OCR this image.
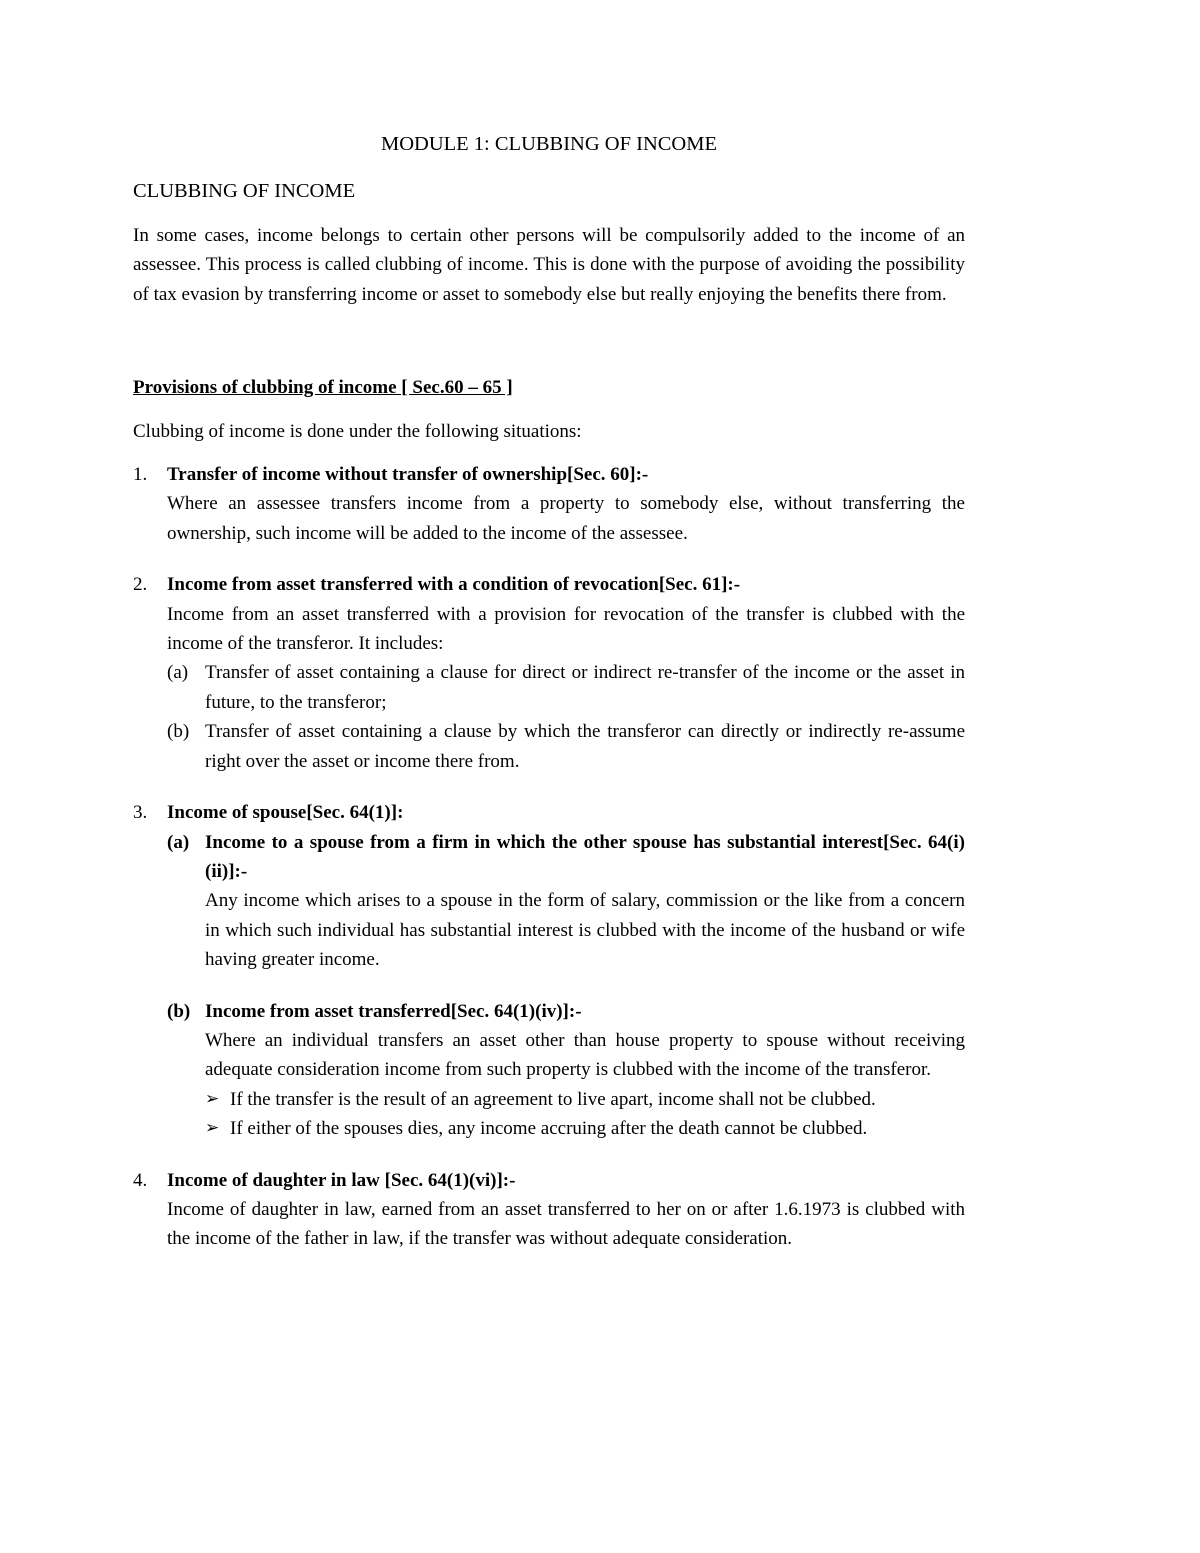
MODULE 1: CLUBBING OF INCOME
CLUBBING OF INCOME

In some cases, income belongs to certain other persons will be compulsorily added to the income of an assessee. This process is called clubbing of income. This is done with the purpose of avoiding the possibility of tax evasion by transferring income or asset to somebody else but really enjoying the benefits there from.

Provisions of clubbing of income [ Sec.60 – 65 ]
Clubbing of income is done under the following situations:
1. Transfer of income without transfer of ownership[Sec. 60]:-
Where an assessee transfers income from a property to somebody else, without transferring the ownership, such income will be added to the income of the assessee.
2. Income from asset transferred with a condition of revocation[Sec. 61]:-
Income from an asset transferred with a provision for revocation of the transfer is clubbed with the income of the transferor. It includes:
(a) Transfer of asset containing a clause for direct or indirect re-transfer of the income or the asset in future, to the transferor;
(b) Transfer of asset containing a clause by which the transferor can directly or indirectly re-assume right over the asset or income there from.
3. Income of spouse[Sec. 64(1)]:
(a) Income to a spouse from a firm in which the other spouse has substantial interest[Sec. 64(i)(ii)]:-
Any income which arises to a spouse in the form of salary, commission or the like from a concern in which such individual has substantial interest is clubbed with the income of the husband or wife having greater income.
(b) Income from asset transferred[Sec. 64(1)(iv)]:-
Where an individual transfers an asset other than house property to spouse without receiving adequate consideration income from such property is clubbed with the income of the transferor.
➢ If the transfer is the result of an agreement to live apart, income shall not be clubbed.
➢ If either of the spouses dies, any income accruing after the death cannot be clubbed.
4. Income of daughter in law [Sec. 64(1)(vi)]:-
Income of daughter in law, earned from an asset transferred to her on or after 1.6.1973 is clubbed with the income of the father in law, if the transfer was without adequate consideration.
